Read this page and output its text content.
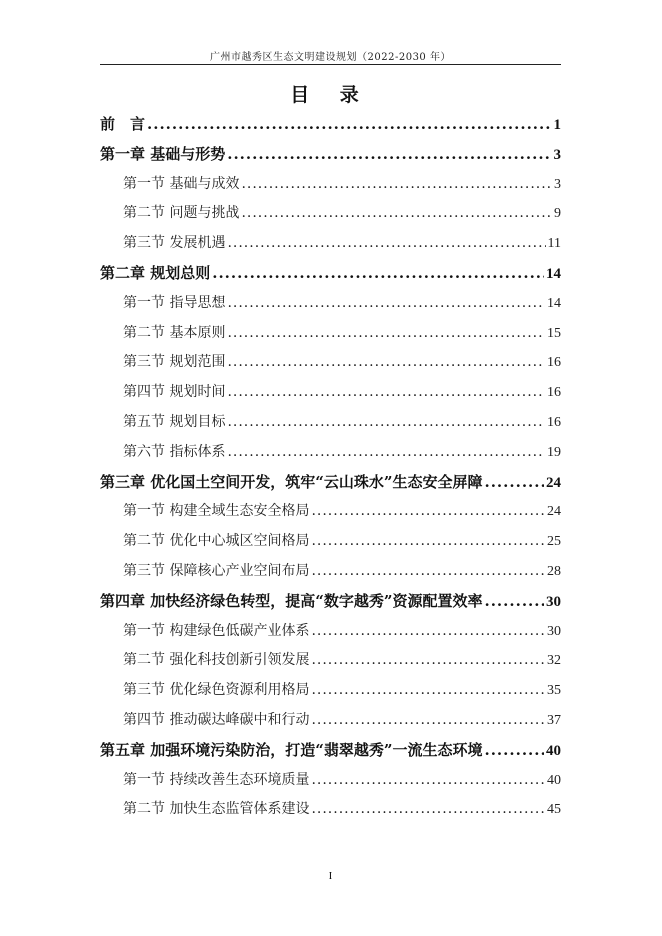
广州市越秀区生态文明建设规划（2022-2030 年）
目 录
前　言 .....	1
第一章 基础与形势 .....	3
第一节 基础与成效 .....	3
第二节 问题与挑战 .....	9
第三节 发展机遇 .....	11
第二章 规划总则 .....	14
第一节 指导思想 .....	14
第二节 基本原则 .....	15
第三节 规划范围 .....	16
第四节 规划时间 .....	16
第五节 规划目标 .....	16
第六节 指标体系 .....	19
第三章 优化国土空间开发，筑牢“云山珠水”生态安全屏障 .....	24
第一节 构建全域生态安全格局 .....	24
第二节 优化中心城区空间格局 .....	25
第三节 保障核心产业空间布局 .....	28
第四章 加快经济绿色转型，提高“数字越秀”资源配置效率 .....	30
第一节 构建绿色低碳产业体系 .....	30
第二节 强化科技创新引领发展 .....	32
第三节 优化绿色资源利用格局 .....	35
第四节 推动碳达峰碳中和行动 .....	37
第五章 加强环境污染防治，打造“翡翠越秀”一流生态环境 .....	40
第一节 持续改善生态环境质量 .....	40
第二节 加快生态监管体系建设 .....	45
I
